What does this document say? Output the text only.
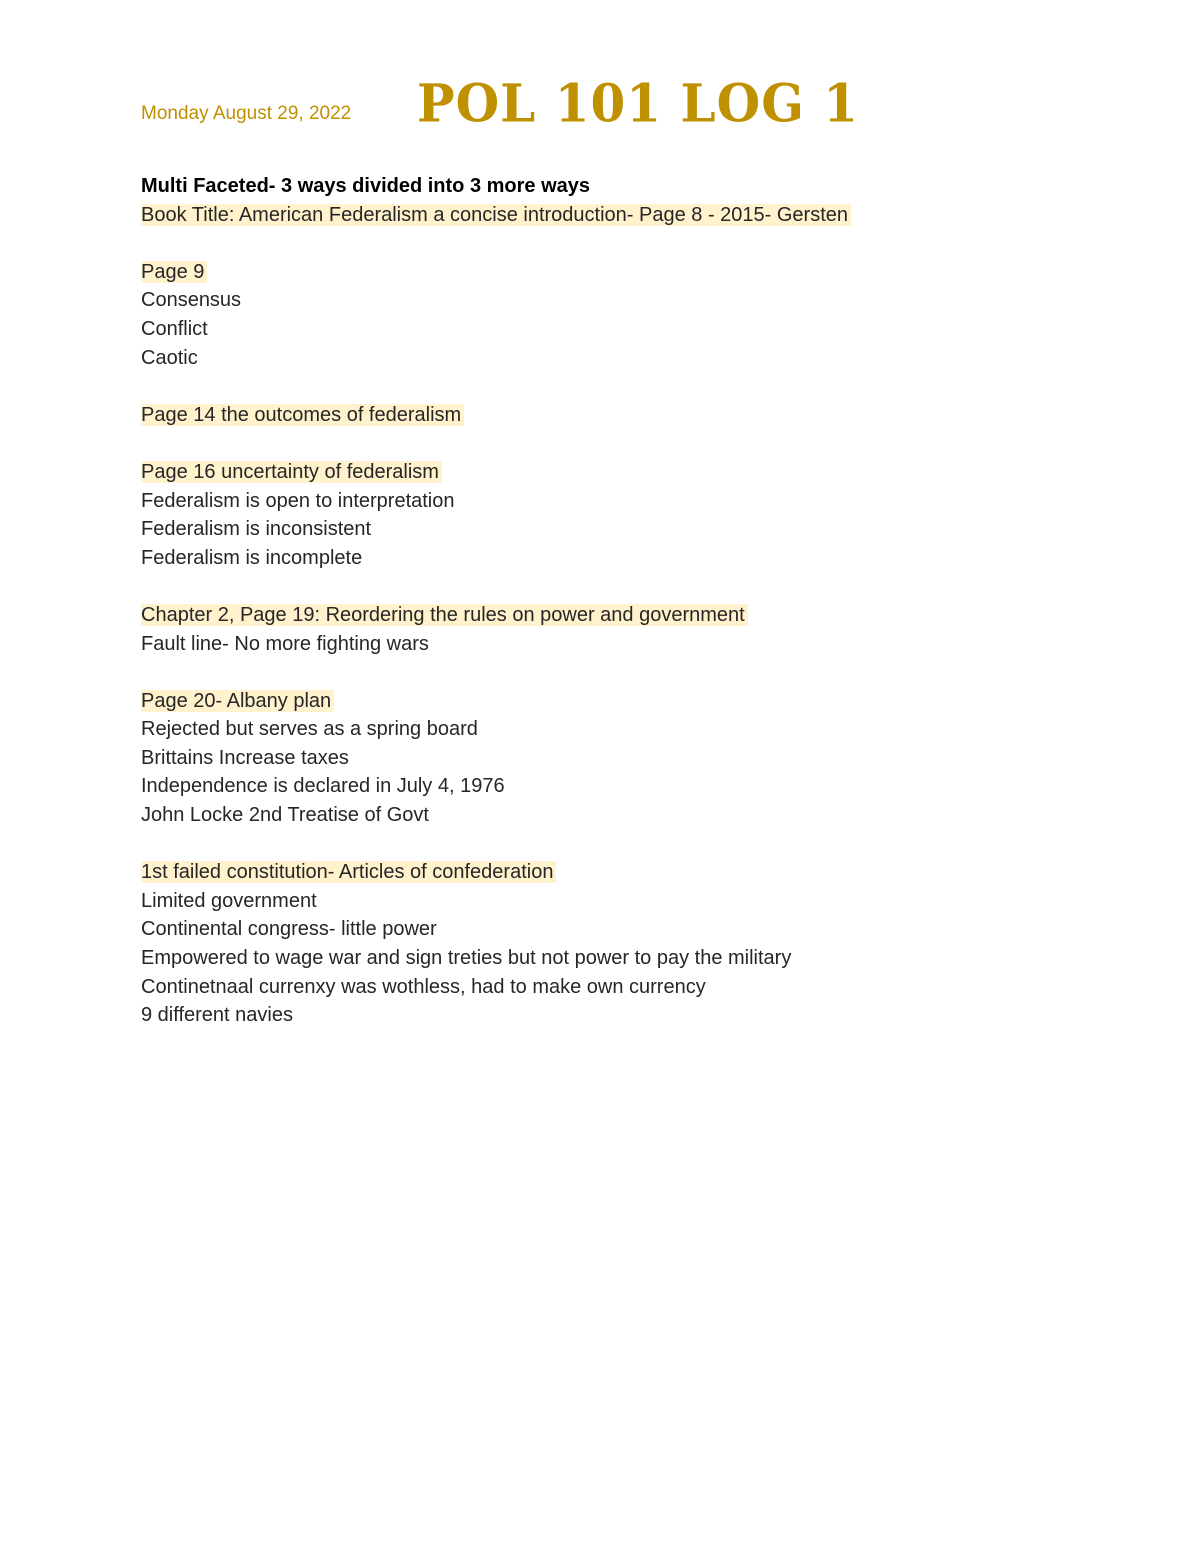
Monday August 29, 2022 POL 101 LOG 1
Multi Faceted- 3 ways divided into 3 more ways
Book Title: American Federalism a concise introduction- Page 8 - 2015- Gersten
Page 9
Consensus
Conflict
Caotic
Page 14 the outcomes of federalism
Page 16 uncertainty of federalism
Federalism is open to interpretation
Federalism is inconsistent
Federalism is incomplete
Chapter 2, Page 19: Reordering the rules on power and government
Fault line- No more fighting wars
Page 20- Albany plan
Rejected but serves as a spring board
Brittains Increase taxes
Independence is declared in July 4, 1976
John Locke 2nd Treatise of Govt
1st failed constitution- Articles of confederation
Limited government
Continental congress- little power
Empowered to wage war and sign treties but not power to pay the military
Continetnaal currenxy was wothless, had to make own currency
9 different navies
